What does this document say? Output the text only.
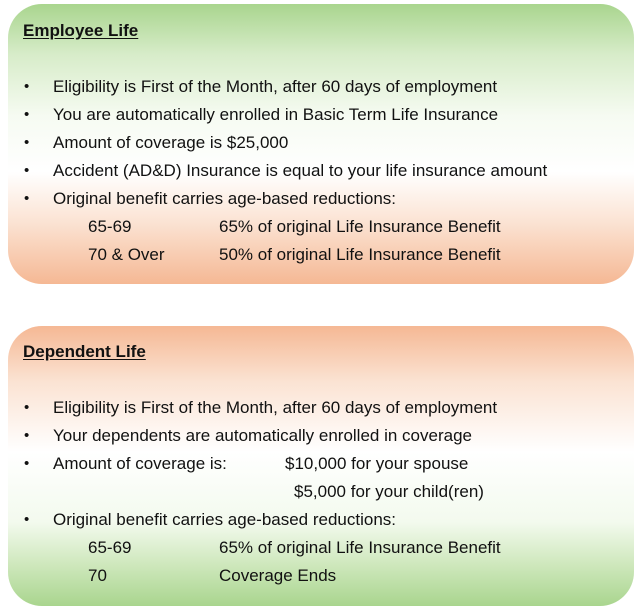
Employee Life
• Eligibility is First of the Month, after 60 days of employment
• You are automatically enrolled in Basic Term Life Insurance
• Amount of coverage is $25,000
• Accident (AD&D) Insurance is equal to your life insurance amount
• Original benefit carries age-based reductions:
65-69	65% of original Life Insurance Benefit
70 & Over	50% of original Life Insurance Benefit
Dependent Life
• Eligibility is First of the Month, after 60 days of employment
• Your dependents are automatically enrolled in coverage
• Amount of coverage is:	$10,000 for your spouse
$5,000 for your child(ren)
• Original benefit carries age-based reductions:
65-69	65% of original Life Insurance Benefit
70	Coverage Ends
